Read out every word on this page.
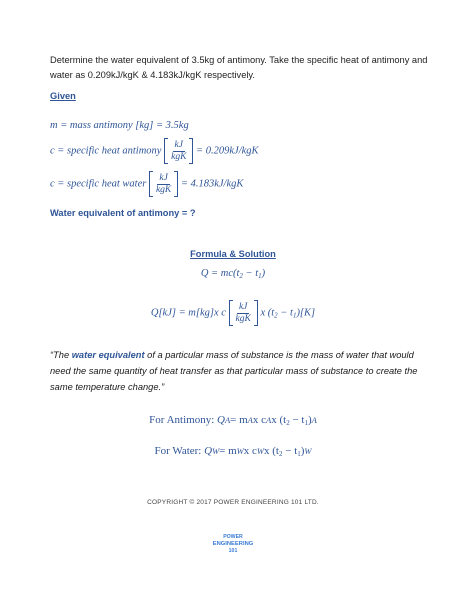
Determine the water equivalent of 3.5kg of antimony. Take the specific heat of antimony and water as 0.209kJ/kgK & 4.183kJ/kgK respectively.
Given
m = mass antimony [kg] = 3.5kg
c = specific heat antimony $\frac{kJ}{\text{kgK}} = 0.209kJ/kgK$
c = specific heat water $\frac{kJ}{\text{kgK}} = 4.183kJ/kgK$
Water equivalent of antimony = ?
Formula & Solution
$Q = mc(t_2 - t_1)$
Q[kJ] = m[kg]x c $\frac{kJ}{\text{kgK}}$ x $(t_2 - t_1)[K]$
“The water equivalent of a particular mass of substance is the mass of water that would need the same quantity of heat transfer as that particular mass of substance to create the same temperature change.”
For Antimony: QA= mAx cAx $(t_2 - t_1)A$
For Water: QW= mWx cWx $(t_2 - t_1)W$
COPYRIGHT © 2017 POWER ENGINEERING 101 LTD.
POWER
ENGINEERING
101
